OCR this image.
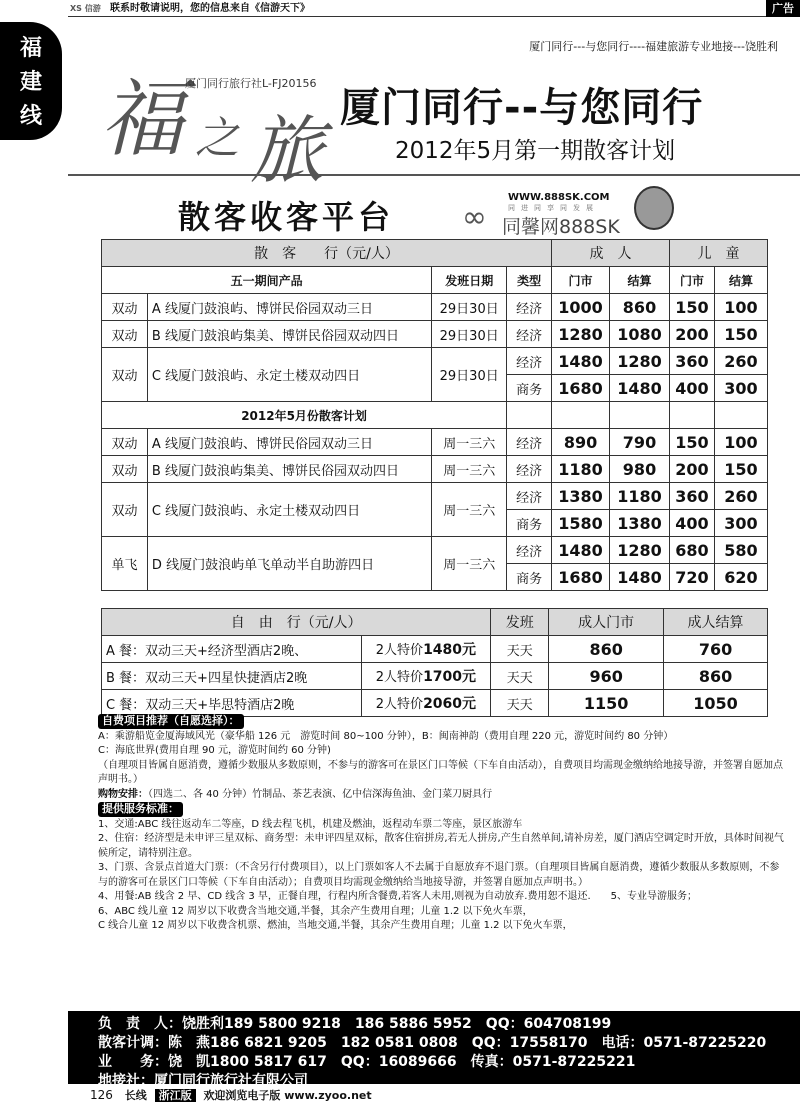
XS 信游 联系时敬请说明，您的信息来自《信游天下》	广告
福建线
厦门同行---与您同行----福建旅游专业地接---饶胜利
福 之 旅
厦门同行旅行社L-FJ20156
厦门同行--与您同行
2012年5月第一期散客计划
散客收客平台 ∞
WWW.888SK.COM
同进同享同发展
同馨网888SK
散　客　　行（元/人）				成　人		儿　童	
五一期间产品		发班日期	类型	门市	结算	门市	结算
双动	A 线厦门鼓浪屿、博饼民俗园双动三日	29日30日	经济	1000	860	150	100
双动	B 线厦门鼓浪屿集美、博饼民俗园双动四日	29日30日	经济	1280	1080	200	150
双动	C 线厦门鼓浪屿、永定土楼双动四日	29日30日	经济	1480	1280	360	260
			商务	1680	1480	400	300
2012年5月份散客计划							
双动	A 线厦门鼓浪屿、博饼民俗园双动三日	周一三六	经济	890	790	150	100
双动	B 线厦门鼓浪屿集美、博饼民俗园双动四日	周一三六	经济	1180	980	200	150
双动	C 线厦门鼓浪屿、永定土楼双动四日	周一三六	经济	1380	1180	360	260
			商务	1580	1380	400	300
单飞	D 线厦门鼓浪屿单飞单动半自助游四日	周一三六	经济	1480	1280	680	580
			商务	1680	1480	720	620
自　由　行（元/人）		发班	成人门市	成人结算
A 餐：双动三天+经济型酒店2晚、	2人特价1480元	天天	860	760
B 餐：双动三天+四星快捷酒店2晚	2人特价1700元	天天	960	860
C 餐：双动三天+毕思特酒店2晚	2人特价2060元	天天	1150	1050

自费项目推荐（自愿选择）：

A：乘游船览金厦海域风光（豪华船 126 元　游览时间 80~100 分钟），B：闽南神韵（费用自理 220 元，游览时间约 80 分钟）

C：海底世界(费用自理 90 元，游览时间约 60 分钟)

（自理项目皆属自愿消费，遵循少数服从多数原则，不参与的游客可在景区门口等候（下车自由活动），自费项目均需现金缴纳给地接导游，并签署自愿加点声明书。）

购物安排：（四选二、各 40 分钟）竹制品、茶艺表演、亿中信深海鱼油、金门菜刀厨具行

提供服务标准：

1、交通:ABC 线往返动车二等座，D 线去程飞机，机建及燃油，返程动车票二等座，景区旅游车

2、住宿：经济型是未申评三星双标、商务型：未申评四星双标，散客住宿拼房,若无人拼房,产生自然单间,请补房差，厦门酒店空调定时开放，具体时间视气候所定，请特别注意。

3、门票、含景点首道大门票：（不含另行付费项目），以上门票如客人不去属于自愿放弃不退门票。（自理项目皆属自愿消费，遵循少数服从多数原则，不参与的游客可在景区门口等候（下车自由活动）；自费项目均需现金缴纳给当地接导游，并签署自愿加点声明书。）

4、用餐:AB 线含 2 早、CD 线含 3 早，正餐自理，行程内所含餐费,若客人未用,则视为自动放弃.费用恕不退还.　　5、专业导游服务；

6、ABC 线儿童 12 周岁以下收费含当地交通,半餐，其余产生费用自理；儿童 1.2 以下免火车票，

C 线合儿童 12 周岁以下收费含机票、燃油，当地交通,半餐，其余产生费用自理；儿童 1.2 以下免火车票，

负　责　人：饶胜利189 5800 9218　186 5886 5952　QQ：604708199
散客计调：陈　燕186 6821 9205　182 0581 0808　QQ：17558170　电话：0571-87225220
业　　务：饶　凯1800 5817 617　QQ：16089666　传真：0571-87225221
地接社：厦门同行旅行社有限公司
126 长线 浙江版 欢迎浏览电子版 www.zyoo.net
